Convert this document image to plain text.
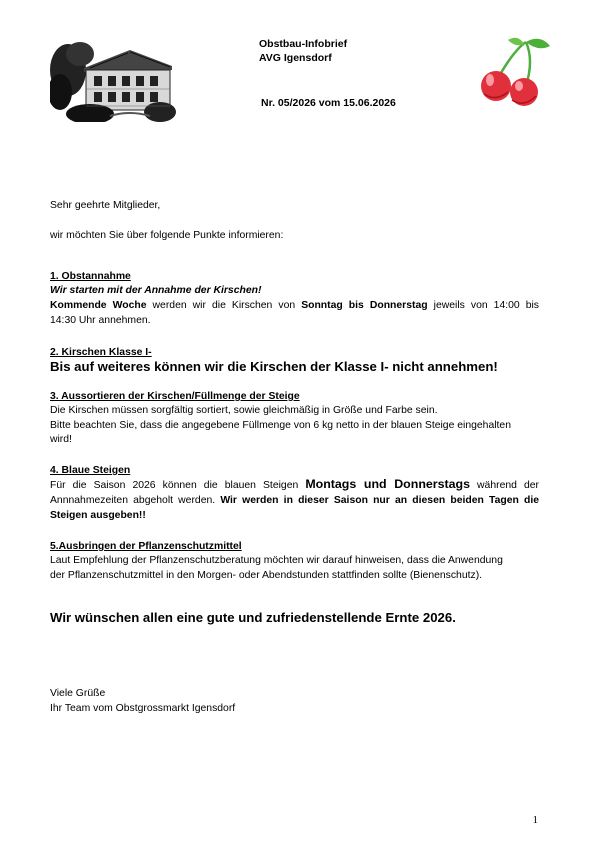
Obstbau-Infobrief
AVG Igensdorf
Nr. 05/2026 vom 15.06.2026
Sehr geehrte Mitglieder,
wir möchten Sie über folgende Punkte informieren:
1. Obstannahme
Wir starten mit der Annahme der Kirschen!
Kommende Woche werden wir die Kirschen von Sonntag bis Donnerstag jeweils von 14:00 bis
14:30 Uhr annehmen.
2. Kirschen Klasse I-
Bis auf weiteres können wir die Kirschen der Klasse I- nicht annehmen!
3. Aussortieren der Kirschen/Füllmenge der Steige
Die Kirschen müssen sorgfältig sortiert, sowie gleichmäßig in Größe und Farbe sein.
Bitte beachten Sie, dass die angegebene Füllmenge von 6 kg netto in der blauen Steige eingehalten
wird!
4. Blaue Steigen
Für die Saison 2026 können die blauen Steigen Montags und Donnerstags während der
Annnahmezeiten abgeholt werden. Wir werden in dieser Saison nur an diesen beiden Tagen die
Steigen ausgeben!!
5.Ausbringen der Pflanzenschutzmittel
Laut Empfehlung der Pflanzenschutzberatung möchten wir darauf hinweisen, dass die Anwendung
der Pflanzenschutzmittel in den Morgen- oder Abendstunden stattfinden sollte (Bienenschutz).
Wir wünschen allen eine gute und zufriedenstellende Ernte 2026.
Viele Grüße
Ihr Team vom Obstgrossmarkt Igensdorf
1
